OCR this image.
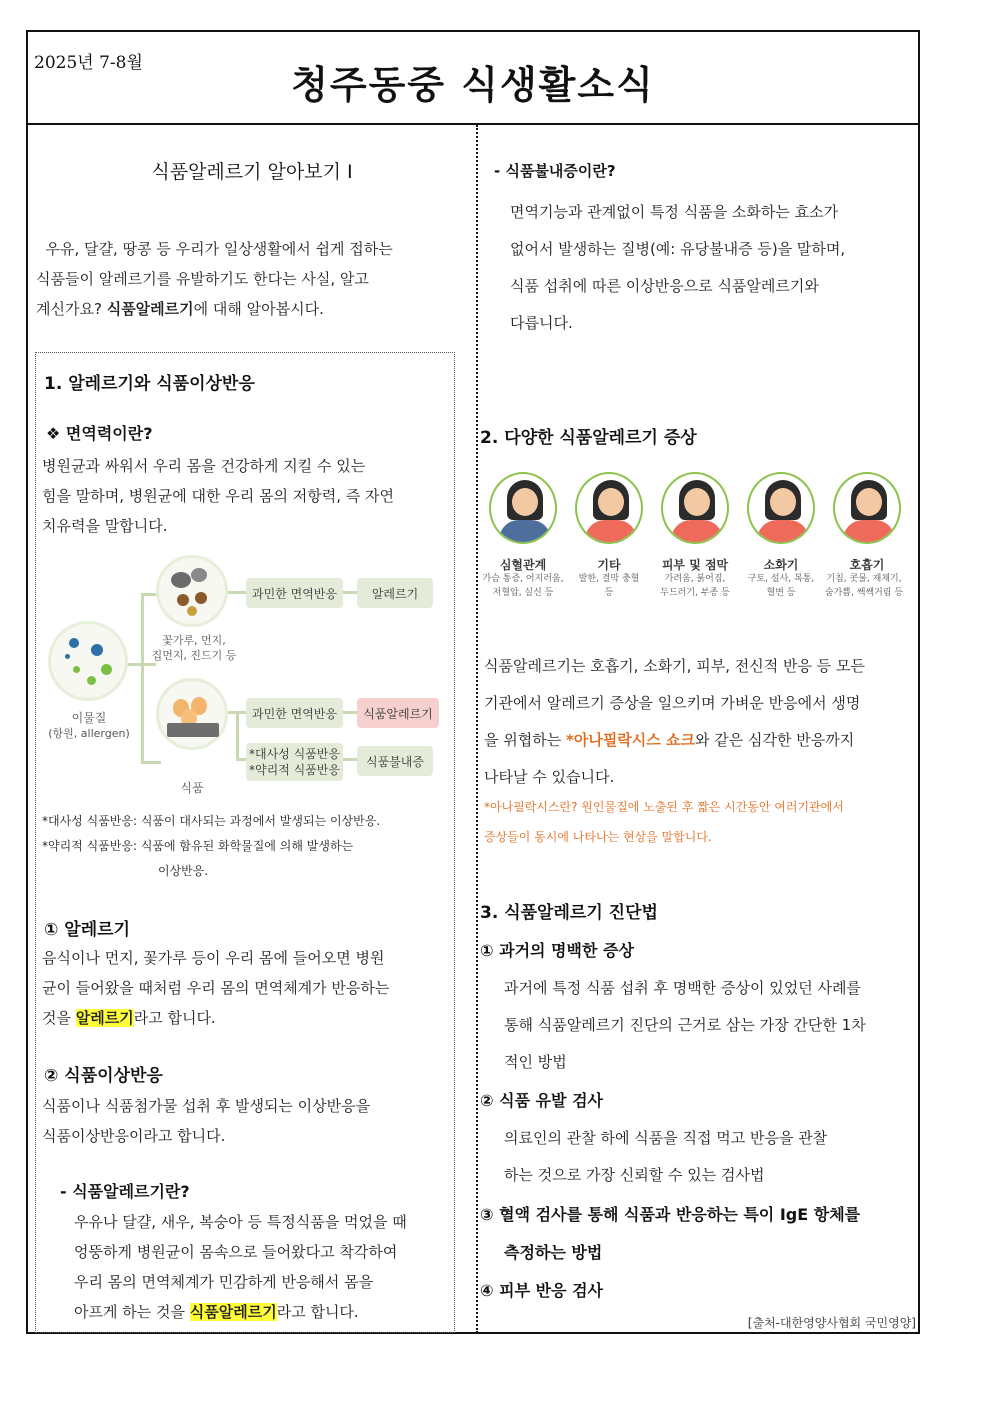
2025년 7-8월	청주동중 식생활소식
식품알레르기 알아보기 Ⅰ
우유, 달걀, 땅콩 등 우리가 일상생활에서 쉽게 접하는
식품들이 알레르기를 유발하기도 한다는 사실, 알고
계신가요? 식품알레르기에 대해 알아봅시다.
1. 알레르기와 식품이상반응
❖ 면역력이란?
병원균과 싸워서 우리 몸을 건강하게 지킬 수 있는
힘을 말하며, 병원균에 대한 우리 몸의 저항력, 즉 자연
치유력을 말합니다.
이물질
(항원, allergen)
꽃가루, 먼지,
집먼지, 진드기 등
식품
과민한 면역반응	알레르기
과민한 면역반응	식품알레르기
*대사성 식품반응
*약리적 식품반응
식품불내증
*대사성 식품반응: 식품이 대사되는 과정에서 발생되는 이상반응.
*약리적 식품반응: 식품에 함유된 화학물질에 의해 발생하는
이상반응.
① 알레르기
음식이나 먼지, 꽃가루 등이 우리 몸에 들어오면 병원
균이 들어왔을 때처럼 우리 몸의 면역체계가 반응하는
것을 알레르기라고 합니다.
② 식품이상반응
식품이나 식품첨가물 섭취 후 발생되는 이상반응을
식품이상반응이라고 합니다.
- 식품알레르기란?
우유나 달걀, 새우, 복숭아 등 특정식품을 먹었을 때
엉뚱하게 병원균이 몸속으로 들어왔다고 착각하여
우리 몸의 면역체계가 민감하게 반응해서 몸을
아프게 하는 것을 식품알레르기라고 합니다.
- 식품불내증이란?
면역기능과 관계없이 특정 식품을 소화하는 효소가
없어서 발생하는 질병(예: 유당불내증 등)을 말하며,
식품 섭취에 따른 이상반응으로 식품알레르기와
다릅니다.
2. 다양한 식품알레르기 증상
심혈관계
가슴 통증, 어지러움,
저혈압, 실신 등
기타
발한, 결막 충혈
등
피부 및 점막
가려움, 붉어짐,
두드러기, 부종 등
소화기
구토, 설사, 복통,
혈변 등
호흡기
기침, 콧물, 재채기,
숨가쁨, 쌕쌕거림 등
식품알레르기는 호흡기, 소화기, 피부, 전신적 반응 등 모든
기관에서 알레르기 증상을 일으키며 가벼운 반응에서 생명
을 위협하는 *아나필락시스 쇼크와 같은 심각한 반응까지
나타날 수 있습니다.
*아나필락시스란? 원인물질에 노출된 후 짧은 시간동안 여러기관에서
증상들이 동시에 나타나는 현상을 말합니다.
3. 식품알레르기 진단법
① 과거의 명백한 증상
과거에 특정 식품 섭취 후 명백한 증상이 있었던 사례를
통해 식품알레르기 진단의 근거로 삼는 가장 간단한 1차
적인 방법
② 식품 유발 검사
의료인의 관찰 하에 식품을 직접 먹고 반응을 관찰
하는 것으로 가장 신뢰할 수 있는 검사법
③ 혈액 검사를 통해 식품과 반응하는 특이 IgE 항체를
측정하는 방법
④ 피부 반응 검사
[출처-대한영양사협회 국민영양]
